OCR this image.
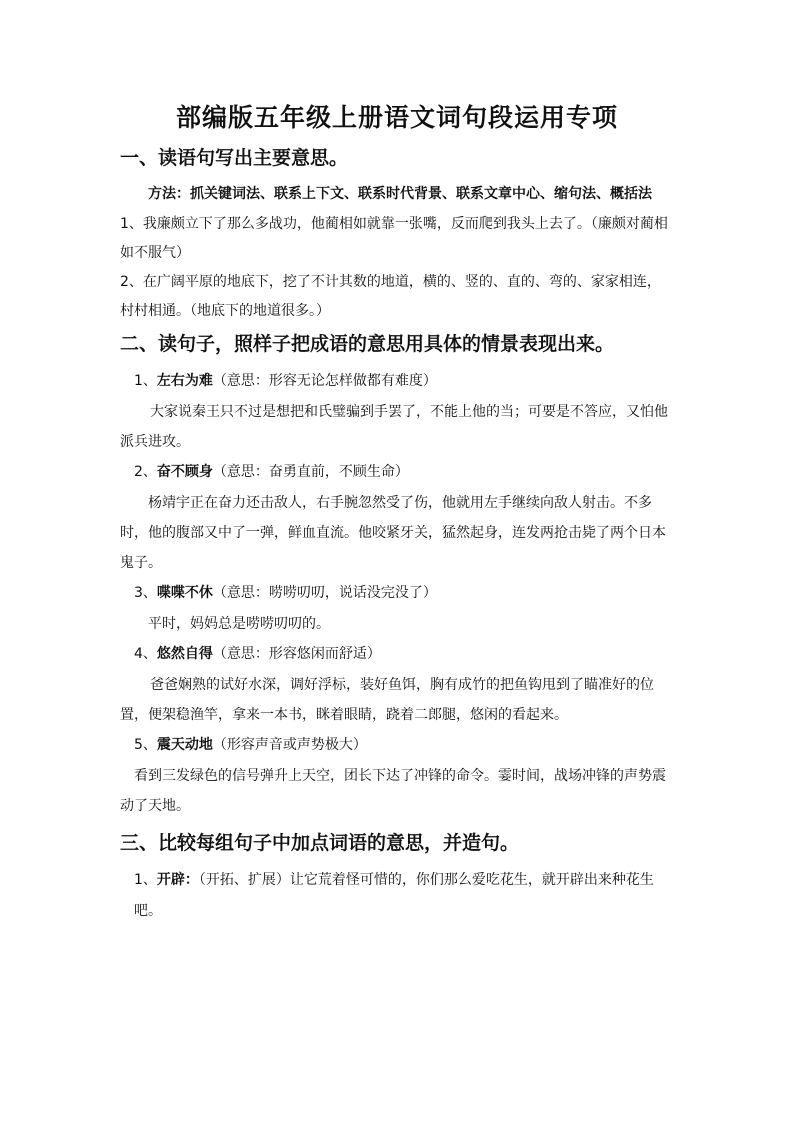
部编版五年级上册语文词句段运用专项
一、读语句写出主要意思。

方法：抓关键词法、联系上下文、联系时代背景、联系文章中心、缩句法、概括法

1、我廉颇立下了那么多战功，他蔺相如就靠一张嘴，反而爬到我头上去了。（廉颇对蔺相如不服气）

2、在广阔平原的地底下，挖了不计其数的地道，横的、竖的、直的、弯的、家家相连，村村相通。（地底下的地道很多。）

二、读句子，照样子把成语的意思用具体的情景表现出来。

1、左右为难（意思：形容无论怎样做都有难度）

大家说秦王只不过是想把和氏璧骗到手罢了，不能上他的当；可要是不答应，又怕他派兵进攻。

2、奋不顾身（意思：奋勇直前，不顾生命）

杨靖宇正在奋力还击敌人，右手腕忽然受了伤，他就用左手继续向敌人射击。不多时，他的腹部又中了一弹，鲜血直流。他咬紧牙关，猛然起身，连发两抢击毙了两个日本鬼子。

3、喋喋不休（意思：唠唠叨叨，说话没完没了）

平时，妈妈总是唠唠叨叨的。

4、悠然自得（意思：形容悠闲而舒适）

爸爸娴熟的试好水深，调好浮标，装好鱼饵，胸有成竹的把鱼钩甩到了瞄准好的位置，便架稳渔竿，拿来一本书，眯着眼睛，跷着二郎腿，悠闲的看起来。

5、震天动地（形容声音或声势极大）

看到三发绿色的信号弹升上天空，团长下达了冲锋的命令。霎时间，战场冲锋的声势震动了天地。

三、比较每组句子中加点词语的意思，并造句。

1、开辟：（开拓、扩展）让它荒着怪可惜的，你们那么爱吃花生，就开辟出来种花生吧。
